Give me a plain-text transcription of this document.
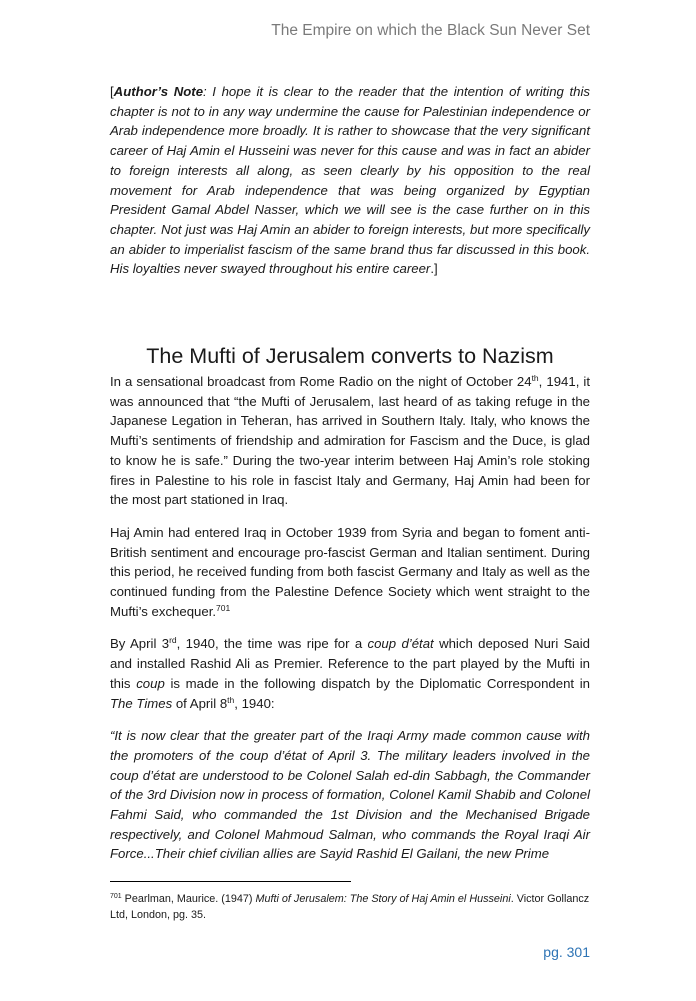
The Empire on which the Black Sun Never Set
[Author’s Note: I hope it is clear to the reader that the intention of writing this chapter is not to in any way undermine the cause for Palestinian independence or Arab independence more broadly. It is rather to showcase that the very significant career of Haj Amin el Husseini was never for this cause and was in fact an abider to foreign interests all along, as seen clearly by his opposition to the real movement for Arab independence that was being organized by Egyptian President Gamal Abdel Nasser, which we will see is the case further on in this chapter. Not just was Haj Amin an abider to foreign interests, but more specifically an abider to imperialist fascism of the same brand thus far discussed in this book. His loyalties never swayed throughout his entire career.]
The Mufti of Jerusalem converts to Nazism

In a sensational broadcast from Rome Radio on the night of October 24th, 1941, it was announced that “the Mufti of Jerusalem, last heard of as taking refuge in the Japanese Legation in Teheran, has arrived in Southern Italy. Italy, who knows the Mufti’s sentiments of friendship and admiration for Fascism and the Duce, is glad to know he is safe.” During the two-year interim between Haj Amin’s role stoking fires in Palestine to his role in fascist Italy and Germany, Haj Amin had been for the most part stationed in Iraq.

Haj Amin had entered Iraq in October 1939 from Syria and began to foment anti-British sentiment and encourage pro-fascist German and Italian sentiment. During this period, he received funding from both fascist Germany and Italy as well as the continued funding from the Palestine Defence Society which went straight to the Mufti’s exchequer.$^{701}$

By April 3rd, 1940, the time was ripe for a coup d’état which deposed Nuri Said and installed Rashid Ali as Premier. Reference to the part played by the Mufti in this coup is made in the following dispatch by the Diplomatic Correspondent in The Times of April 8th, 1940:

“It is now clear that the greater part of the Iraqi Army made common cause with the promoters of the coup d’état of April 3. The military leaders involved in the coup d’état are understood to be Colonel Salah ed-din Sabbagh, the Commander of the 3rd Division now in process of formation, Colonel Kamil Shabib and Colonel Fahmi Said, who commanded the 1st Division and the Mechanised Brigade respectively, and Colonel Mahmoud Salman, who commands the Royal Iraqi Air Force...Their chief civilian allies are Sayid Rashid El Gailani, the new Prime

$^{701}$ Pearlman, Maurice. (1947) Mufti of Jerusalem: The Story of Haj Amin el Husseini. Victor Gollancz Ltd, London, pg. 35.
pg. 301
